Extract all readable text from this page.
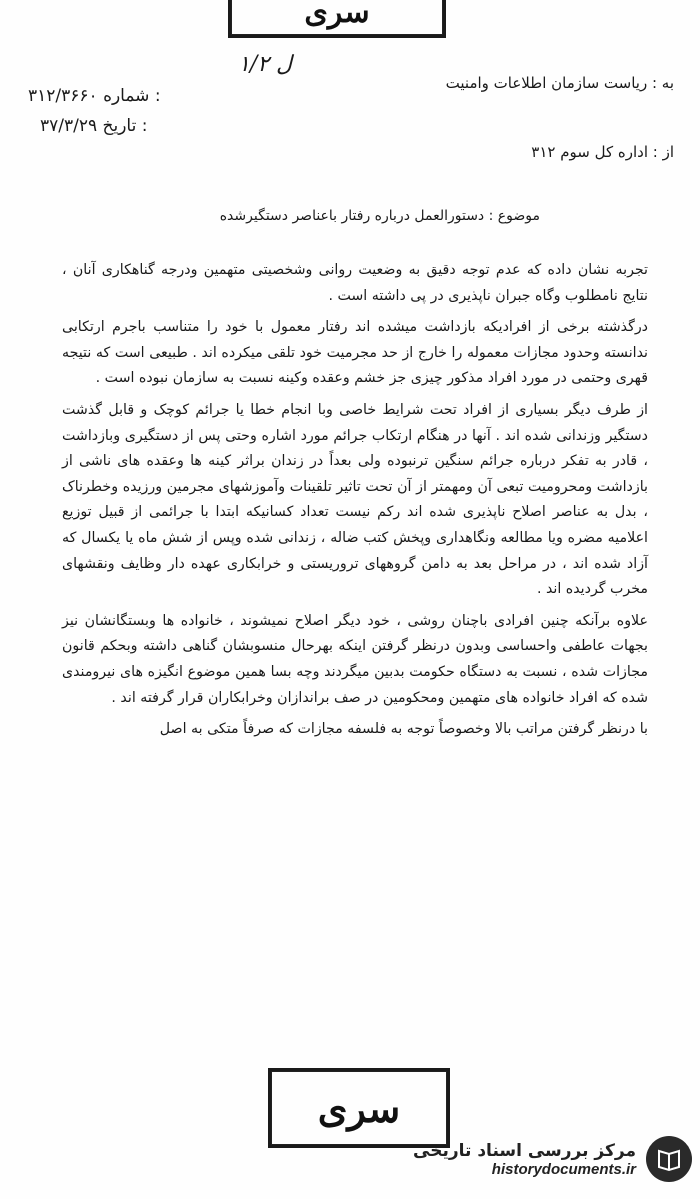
سری
۱/۲ ل
به : ریاست سازمان اطلاعات وامنیت
۳۱۲/۳۶۶۰ شماره :
۳۷/۳/۲۹ تاریخ :
از : اداره کل سوم ۳۱۲
موضوع : دستورالعمل درباره رفتار باعناصر دستگیرشده

تجربه نشان داده که عدم توجه دقیق به وضعیت روانی وشخصیتی متهمین ودرجه گناهکاری آنان ، نتایج نامطلوب وگاه جبران ناپذیری در پی داشته است .

درگذشته برخی از افرادیکه بازداشت میشده اند رفتار معمول با خود را متناسب باجرم ارتکابی ندانسته وحدود مجازات معموله را خارج از حد مجرمیت خود تلقی میکرده اند . طبیعی است که نتیجه قهری وحتمی در مورد افراد مذکور چیزی جز خشم وعقده وکینه نسبت به سازمان نبوده است .

از طرف دیگر بسیاری از افراد تحت شرایط خاصی وبا انجام خطا یا جرائم کوچک و قابل گذشت دستگیر وزندانی شده اند . آنها در هنگام ارتکاب جرائم مورد اشاره وحتی پس از دستگیری وبازداشت ، قادر به تفکر درباره جرائم سنگین ترنبوده ولی بعداً در زندان براثر کینه ها وعقده های ناشی از بازداشت ومحرومیت تبعی آن ومهمتر از آن تحت تاثیر تلقینات وآموزشهای مجرمین ورزیده وخطرناک ، بدل به عناصر اصلاح ناپذیری شده اند رکم نیست تعداد کسانیکه ابتدا با جرائمی از قبیل توزیع اعلامیه مضره ویا مطالعه ونگاهداری وپخش کتب ضاله ، زندانی شده وپس از شش ماه یا یکسال که آزاد شده اند ، در مراحل بعد به دامن گروههای تروریستی و خرابکاری عهده دار وظایف ونقشهای مخرب گردیده اند .

علاوه برآنکه چنین افرادی باچنان روشی ، خود دیگر اصلاح نمیشوند ، خانواده ها وبستگانشان نیز بجهات عاطفی واحساسی وبدون درنظر گرفتن اینکه بهرحال منسوبشان گناهی داشته وبحکم قانون مجازات شده ، نسبت به دستگاه حکومت بدبین میگردند وچه بسا همین موضوع انگیزه های نیرومندی شده که افراد خانواده های متهمین ومحکومین در صف براندازان وخرابکاران قرار گرفته اند .

با درنظر گرفتن مراتب بالا وخصوصاً توجه به فلسفه مجازات که صرفاً متکی به اصل

سری
مرکز بررسی اسناد تاریخی
historydocuments.ir
